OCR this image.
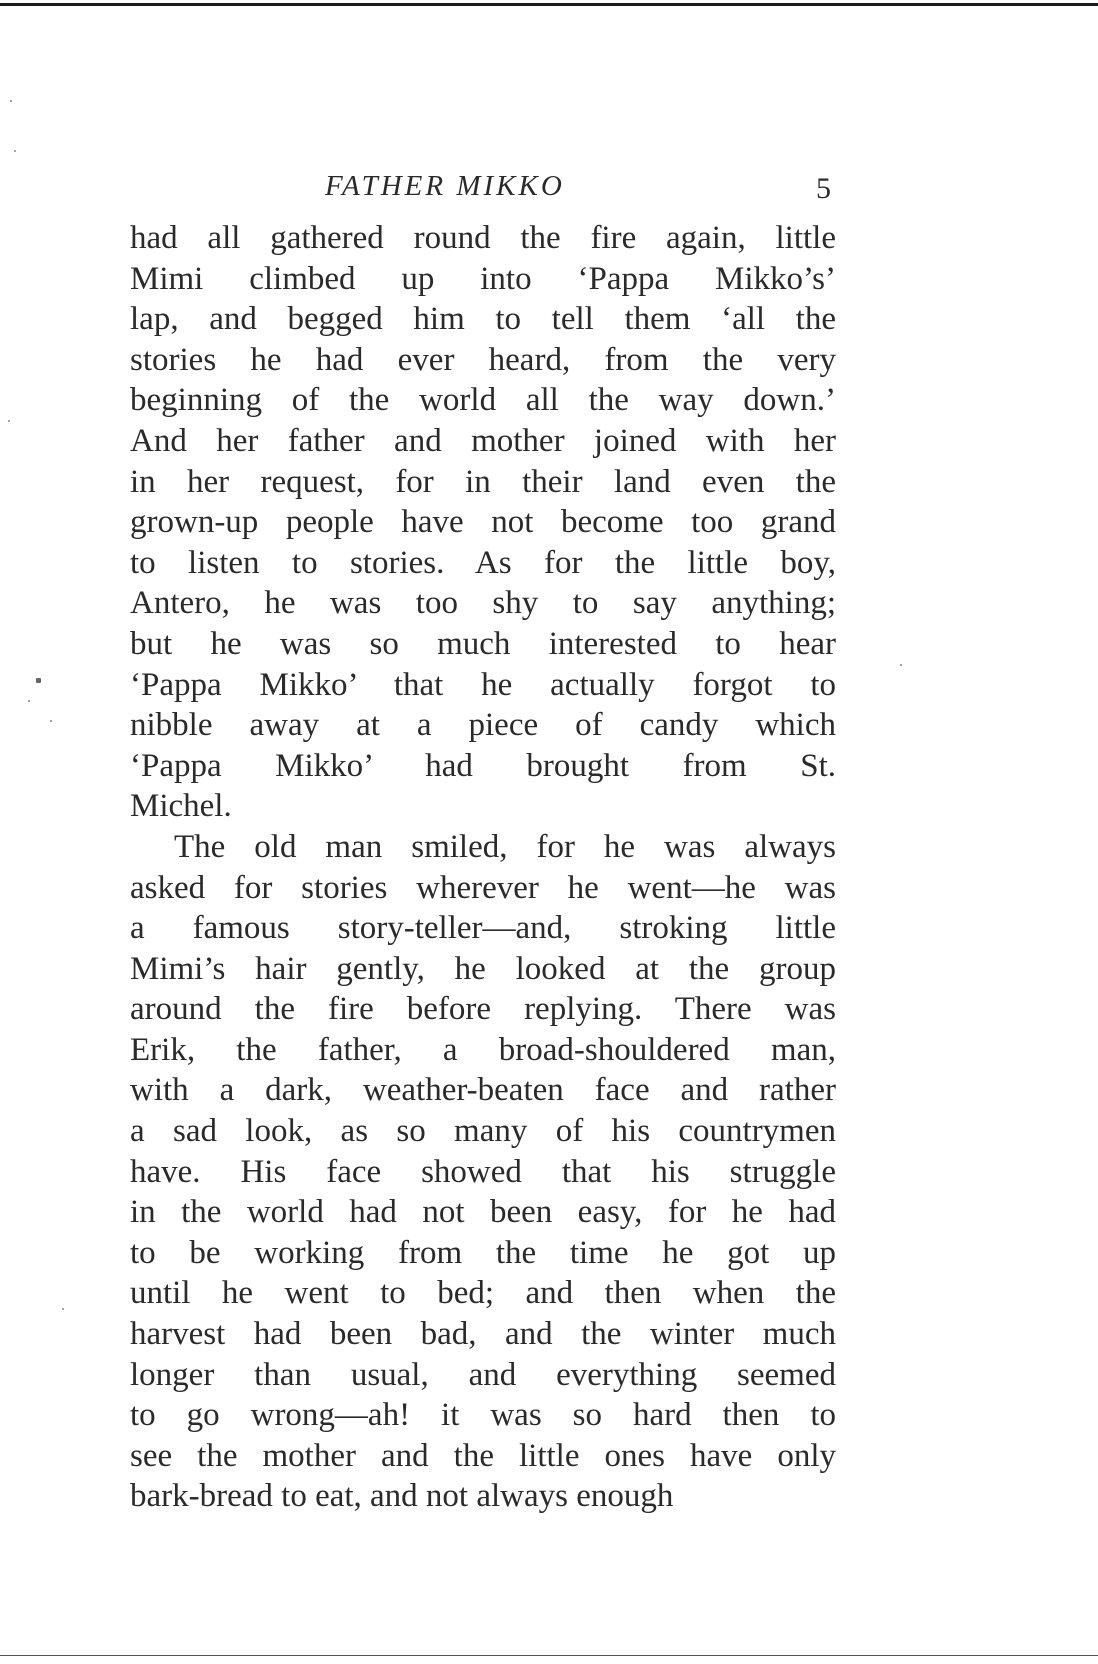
FATHER MIKKO	5
had all gathered round the fire again, little
Mimi climbed up into ‘Pappa Mikko’s’
lap, and begged him to tell them ‘all the
stories he had ever heard, from the very
beginning of the world all the way down.’
And her father and mother joined with her
in her request, for in their land even the
grown-up people have not become too grand
to listen to stories. As for the little boy,
Antero, he was too shy to say anything;
but he was so much interested to hear
‘Pappa Mikko’ that he actually forgot to
nibble away at a piece of candy which
‘Pappa Mikko’ had brought from St.
Michel.
The old man smiled, for he was always
asked for stories wherever he went—he was
a famous story-teller—and, stroking little
Mimi’s hair gently, he looked at the group
around the fire before replying. There was
Erik, the father, a broad-shouldered man,
with a dark, weather-beaten face and rather
a sad look, as so many of his countrymen
have. His face showed that his struggle
in the world had not been easy, for he had
to be working from the time he got up
until he went to bed; and then when the
harvest had been bad, and the winter much
longer than usual, and everything seemed
to go wrong—ah! it was so hard then to
see the mother and the little ones have only
bark-bread to eat, and not always enough
